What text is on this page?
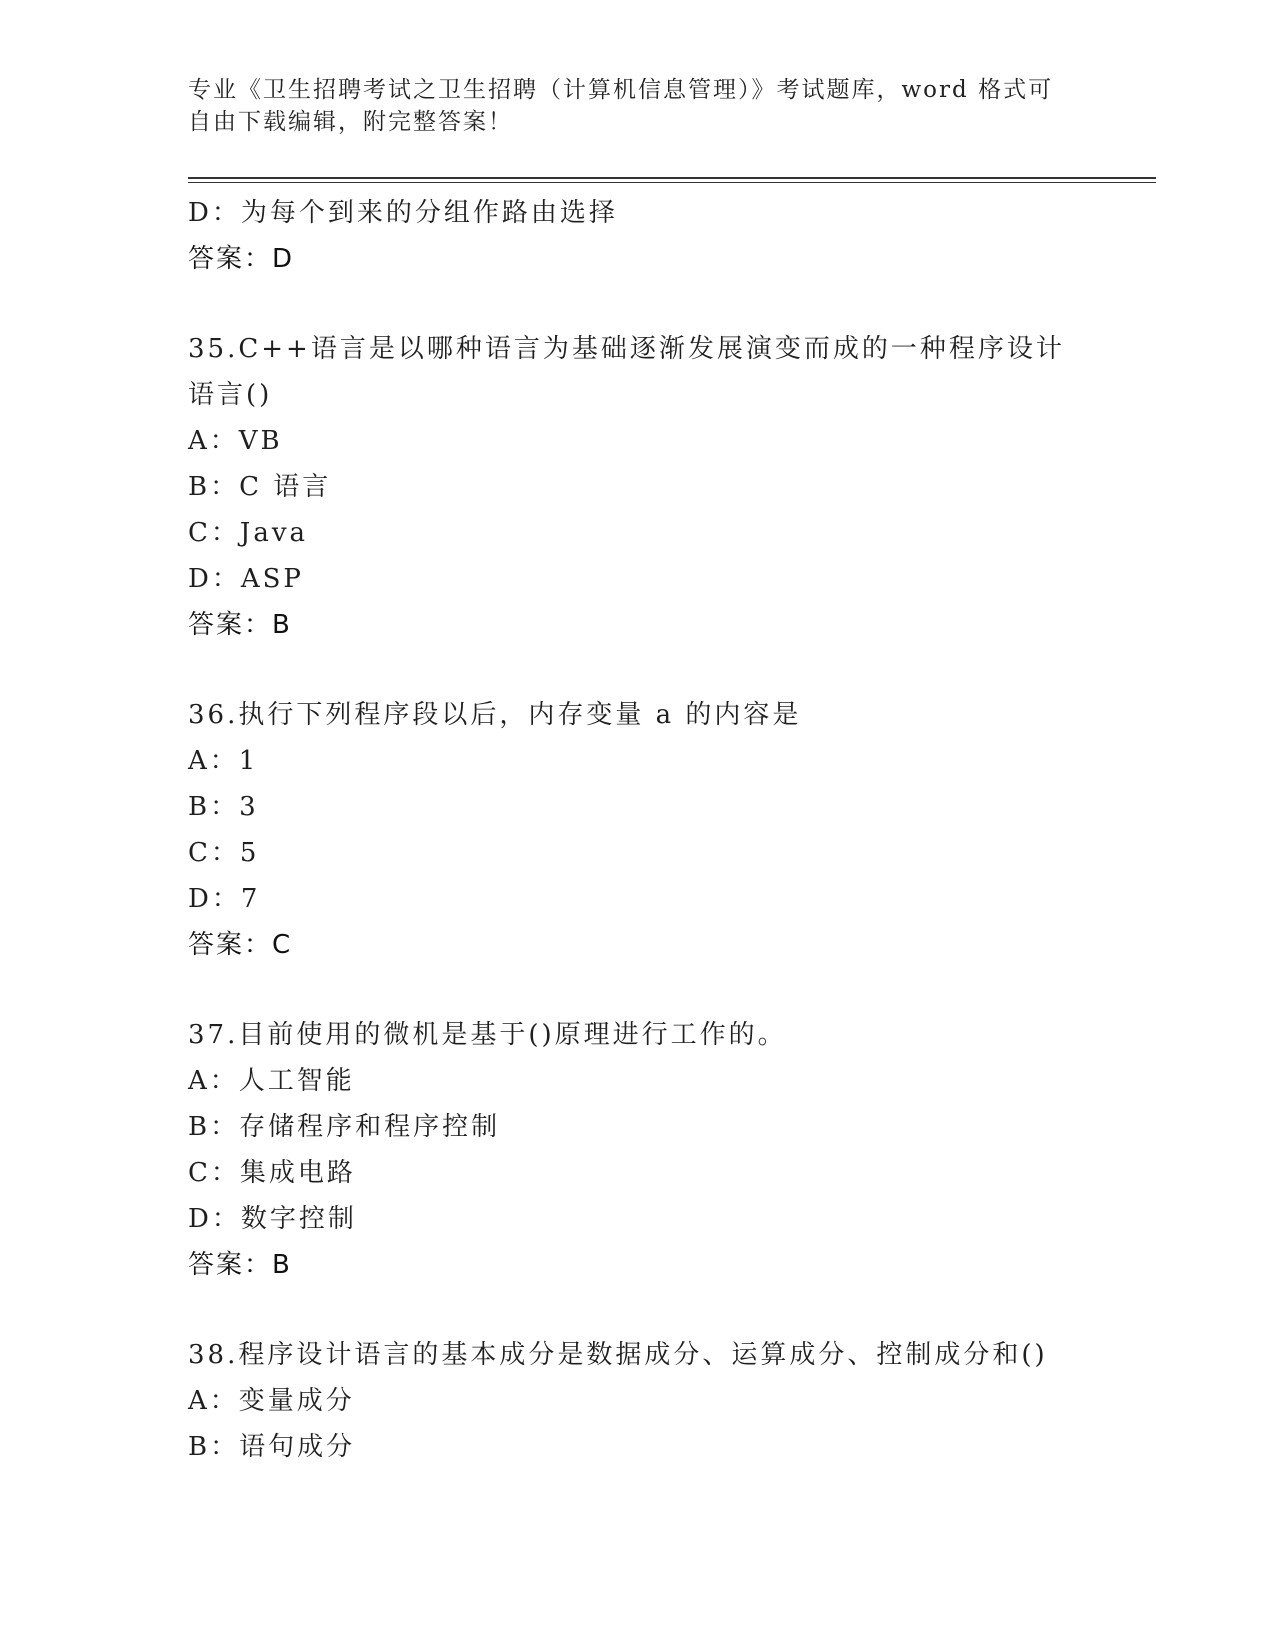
专业《卫生招聘考试之卫生招聘（计算机信息管理）》考试题库，word 格式可自由下载编辑，附完整答案！

D：为每个到来的分组作路由选择

答案：D

35.C++语言是以哪种语言为基础逐渐发展演变而成的一种程序设计语言()

A：VB

B：C 语言

C：Java

D：ASP

答案：B

36.执行下列程序段以后，内存变量 a 的内容是

A：1

B：3

C：5

D：7

答案：C

37.目前使用的微机是基于()原理进行工作的。

A：人工智能

B：存储程序和程序控制

C：集成电路

D：数字控制

答案：B

38.程序设计语言的基本成分是数据成分、运算成分、控制成分和()

A：变量成分

B：语句成分
